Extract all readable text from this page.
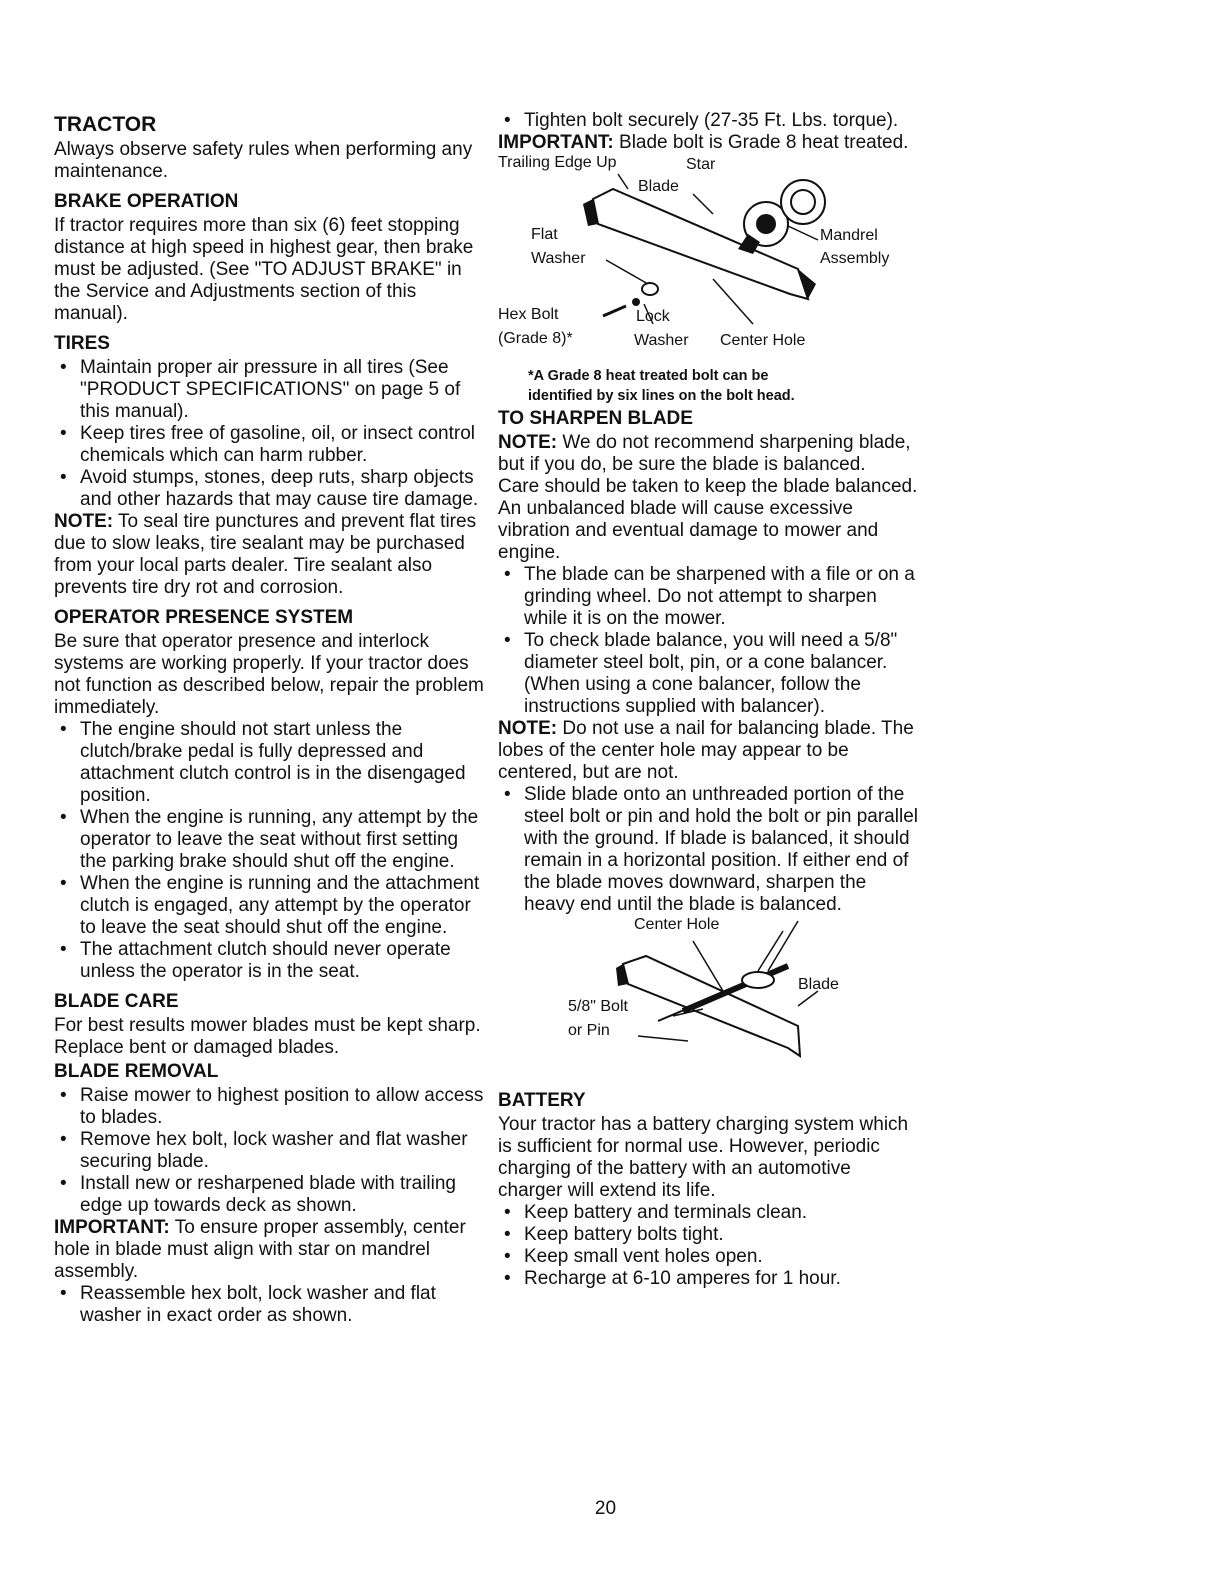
TRACTOR

Always observe safety rules when performing any maintenance.

BRAKE OPERATION

If tractor requires more than six (6) feet stopping distance at high speed in highest gear, then brake must be adjusted. (See "TO ADJUST BRAKE" in the Service and Adjustments section of this manual).

TIRES
• Maintain proper air pressure in all tires (See "PRODUCT SPECIFICATIONS" on page 5 of this manual).
• Keep tires free of gasoline, oil, or insect control chemicals which can harm rubber.
• Avoid stumps, stones, deep ruts, sharp objects and other hazards that may cause tire damage.

NOTE: To seal tire punctures and prevent flat tires due to slow leaks, tire sealant may be purchased from your local parts dealer. Tire sealant also prevents tire dry rot and corrosion.

OPERATOR PRESENCE SYSTEM

Be sure that operator presence and interlock systems are working properly. If your tractor does not function as described below, repair the problem immediately.

• The engine should not start unless the clutch/brake pedal is fully depressed and attachment clutch control is in the disengaged position.
• When the engine is running, any attempt by the operator to leave the seat without first setting the parking brake should shut off the engine.
• When the engine is running and the attachment clutch is engaged, any attempt by the operator to leave the seat should shut off the engine.
• The attachment clutch should never operate unless the operator is in the seat.
BLADE CARE

For best results mower blades must be kept sharp. Replace bent or damaged blades.

BLADE REMOVAL
• Raise mower to highest position to allow access to blades.
• Remove hex bolt, lock washer and flat washer securing blade.
• Install new or resharpened blade with trailing edge up towards deck as shown.

IMPORTANT: To ensure proper assembly, center hole in blade must align with star on mandrel assembly.

• Reassemble hex bolt, lock washer and flat washer in exact order as shown.
• Tighten bolt securely (27-35 Ft. Lbs. torque).

IMPORTANT: Blade bolt is Grade 8 heat treated.

Trailing Edge Up	Star
Blade
Flat
Washer
Mandrel
Assembly
Hex Bolt
(Grade 8)*
Lock
Washer Center Hole
*A Grade 8 heat treated bolt can be
identified by six lines on the bolt head.
TO SHARPEN BLADE

NOTE: We do not recommend sharpening blade, but if you do, be sure the blade is balanced.

Care should be taken to keep the blade balanced. An unbalanced blade will cause excessive vibration and eventual damage to mower and engine.

• The blade can be sharpened with a file or on a grinding wheel. Do not attempt to sharpen while it is on the mower.
• To check blade balance, you will need a 5/8" diameter steel bolt, pin, or a cone balancer. (When using a cone balancer, follow the instructions supplied with balancer).

NOTE: Do not use a nail for balancing blade. The lobes of the center hole may appear to be centered, but are not.

• Slide blade onto an unthreaded portion of the steel bolt or pin and hold the bolt or pin parallel with the ground. If blade is balanced, it should remain in a horizontal position. If either end of the blade moves downward, sharpen the heavy end until the blade is balanced.
Center Hole
Blade
5/8" Bolt
or Pin
BATTERY

Your tractor has a battery charging system which is sufficient for normal use. However, periodic charging of the battery with an automotive charger will extend its life.

• Keep battery and terminals clean.
• Keep battery bolts tight.
• Keep small vent holes open.
• Recharge at 6-10 amperes for 1 hour.
20
